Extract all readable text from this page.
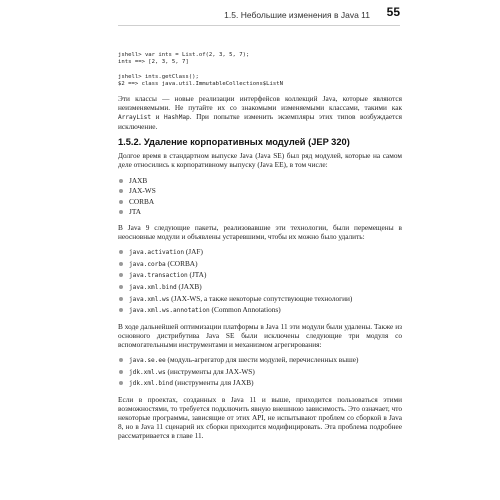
1.5. Небольшие изменения в Java 11 55
jshell> var ints = List.of(2, 3, 5, 7);
ints ==> [2, 3, 5, 7]

jshell> ints.getClass();
$2 ==> class java.util.ImmutableCollections$ListN

Эти классы — новые реализации интерфейсов коллекций Java, которые являются неизменяемыми. Не путайте их со знакомыми изменяемыми классами, такими как ArrayList и HashMap. При попытке изменить экземпляры этих типов возбуждается исключение.

1.5.2. Удаление корпоративных модулей (JEP 320)

Долгое время в стандартном выпуске Java (Java SE) был ряд модулей, которые на самом деле относились к корпоративному выпуску (Java EE), в том числе:

JAXB
JAX-WS
CORBA
JTA

В Java 9 следующие пакеты, реализовавшие эти технологии, были перемещены в неосновные модули и объявлены устаревшими, чтобы их можно было удалить:

java.activation (JAF)
java.corba (CORBA)
java.transaction (JTA)
java.xml.bind (JAXB)
java.xml.ws (JAX-WS, а также некоторые сопутствующие технологии)
java.xml.ws.annotation (Common Annotations)

В ходе дальнейшей оптимизации платформы в Java 11 эти модули были удалены. Также из основного дистрибутива Java SE были исключены следующие три модуля со вспомогательными инструментами и механизмом агрегирования:

java.se.ee (модуль-агрегатор для шести модулей, перечисленных выше)
jdk.xml.ws (инструменты для JAX-WS)
jdk.xml.bind (инструменты для JAXB)

Если в проектах, созданных в Java 11 и выше, приходится пользоваться этими возможностями, то требуется подключить явную внешнюю зависимость. Это означает, что некоторые программы, зависящие от этих API, не испытывают проблем со сборкой в Java 8, но в Java 11 сценарий их сборки приходится модифицировать. Эта проблема подробнее рассматривается в главе 11.
